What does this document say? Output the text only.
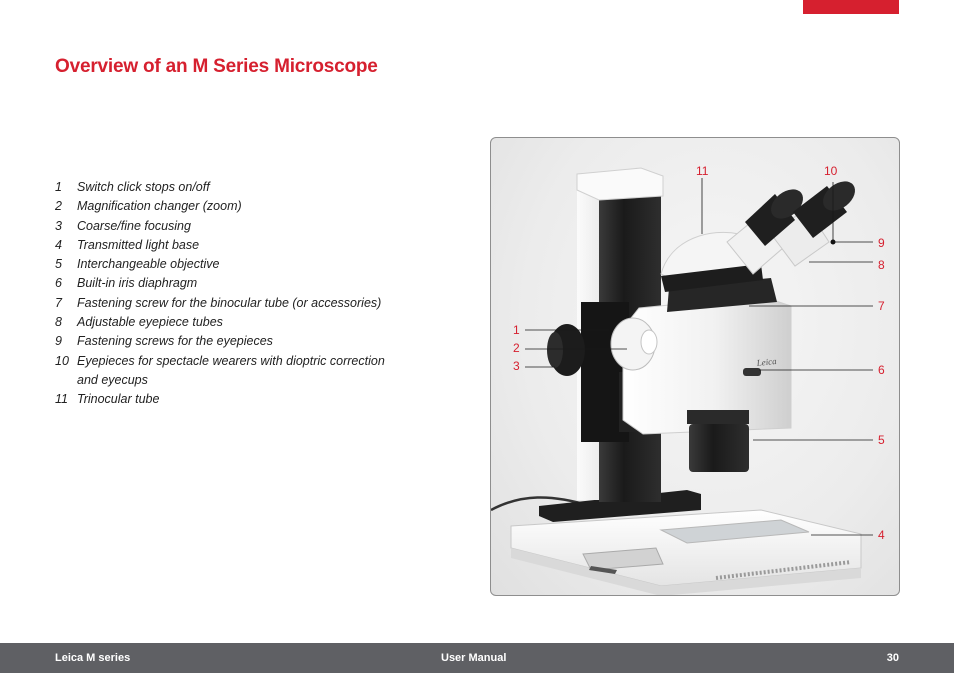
Overview of an M Series Microscope
1	Switch click stops on/off
2	Magnification changer (zoom)
3	Coarse/fine focusing
4	Transmitted light base
5	Interchangeable objective
6	Built-in iris diaphragm
7	Fastening screw for the binocular tube (or accessories)
8	Adjustable eyepiece tubes
9	Fastening screws for the eyepieces
10 Eyepieces for spectacle wearers with dioptric correction and eyecups
11 Trinocular tube
Leica
1
2
3
4
5
6
7
8
9
10
11
Leica M series	User Manual	30
